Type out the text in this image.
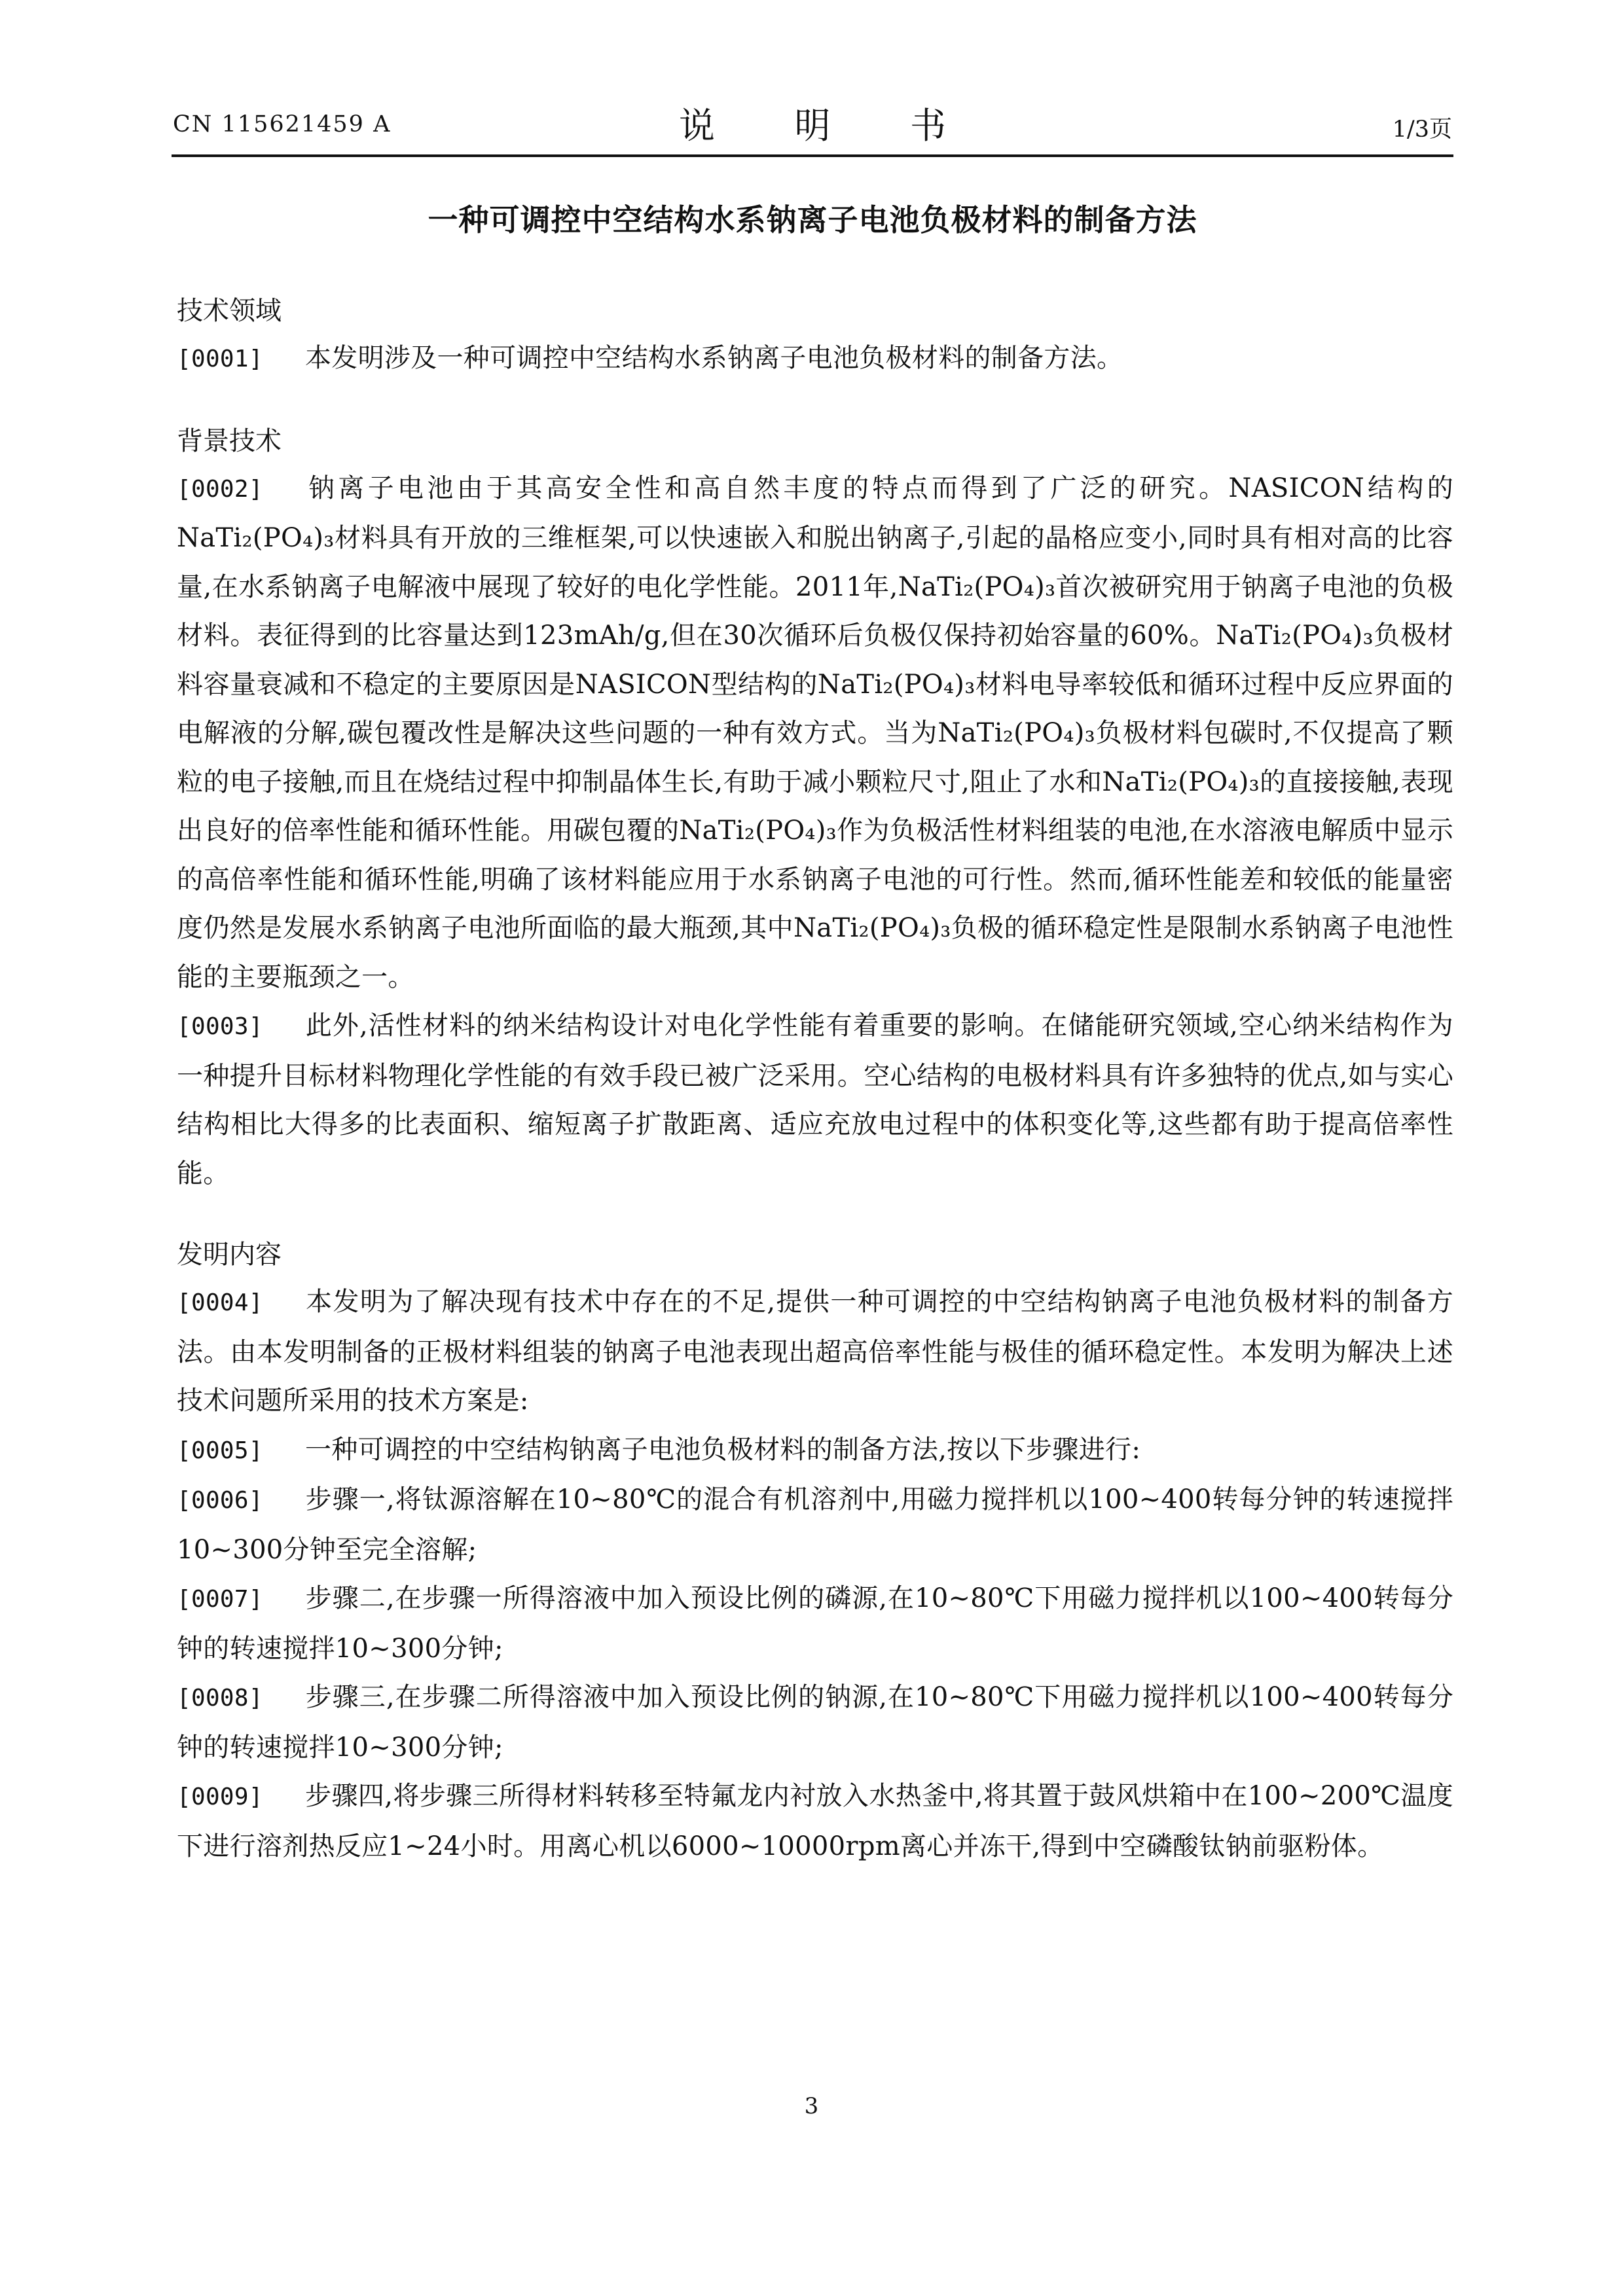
CN 115621459 A	说 明 书	1/3页
一种可调控中空结构水系钠离子电池负极材料的制备方法
技术领域

[0001] 本发明涉及一种可调控中空结构水系钠离子电池负极材料的制备方法。

背景技术

[0002] 钠离子电池由于其高安全性和高自然丰度的特点而得到了广泛的研究。NASICON结构的NaTi₂(PO₄)₃材料具有开放的三维框架,可以快速嵌入和脱出钠离子,引起的晶格应变小,同时具有相对高的比容量,在水系钠离子电解液中展现了较好的电化学性能。2011年,NaTi₂(PO₄)₃首次被研究用于钠离子电池的负极材料。表征得到的比容量达到123mAh/g,但在30次循环后负极仅保持初始容量的60%。NaTi₂(PO₄)₃负极材料容量衰减和不稳定的主要原因是NASICON型结构的NaTi₂(PO₄)₃材料电导率较低和循环过程中反应界面的电解液的分解,碳包覆改性是解决这些问题的一种有效方式。当为NaTi₂(PO₄)₃负极材料包碳时,不仅提高了颗粒的电子接触,而且在烧结过程中抑制晶体生长,有助于减小颗粒尺寸,阻止了水和NaTi₂(PO₄)₃的直接接触,表现出良好的倍率性能和循环性能。用碳包覆的NaTi₂(PO₄)₃作为负极活性材料组装的电池,在水溶液电解质中显示的高倍率性能和循环性能,明确了该材料能应用于水系钠离子电池的可行性。然而,循环性能差和较低的能量密度仍然是发展水系钠离子电池所面临的最大瓶颈,其中NaTi₂(PO₄)₃负极的循环稳定性是限制水系钠离子电池性能的主要瓶颈之一。

[0003] 此外,活性材料的纳米结构设计对电化学性能有着重要的影响。在储能研究领域,空心纳米结构作为一种提升目标材料物理化学性能的有效手段已被广泛采用。空心结构的电极材料具有许多独特的优点,如与实心结构相比大得多的比表面积、缩短离子扩散距离、适应充放电过程中的体积变化等,这些都有助于提高倍率性能。

发明内容

[0004] 本发明为了解决现有技术中存在的不足,提供一种可调控的中空结构钠离子电池负极材料的制备方法。由本发明制备的正极材料组装的钠离子电池表现出超高倍率性能与极佳的循环稳定性。本发明为解决上述技术问题所采用的技术方案是:

[0005] 一种可调控的中空结构钠离子电池负极材料的制备方法,按以下步骤进行:

[0006] 步骤一,将钛源溶解在10~80℃的混合有机溶剂中,用磁力搅拌机以100~400转每分钟的转速搅拌10~300分钟至完全溶解;

[0007] 步骤二,在步骤一所得溶液中加入预设比例的磷源,在10~80℃下用磁力搅拌机以100~400转每分钟的转速搅拌10~300分钟;

[0008] 步骤三,在步骤二所得溶液中加入预设比例的钠源,在10~80℃下用磁力搅拌机以100~400转每分钟的转速搅拌10~300分钟;

[0009] 步骤四,将步骤三所得材料转移至特氟龙内衬放入水热釜中,将其置于鼓风烘箱中在100~200℃温度下进行溶剂热反应1~24小时。用离心机以6000~10000rpm离心并冻干,得到中空磷酸钛钠前驱粉体。

3
